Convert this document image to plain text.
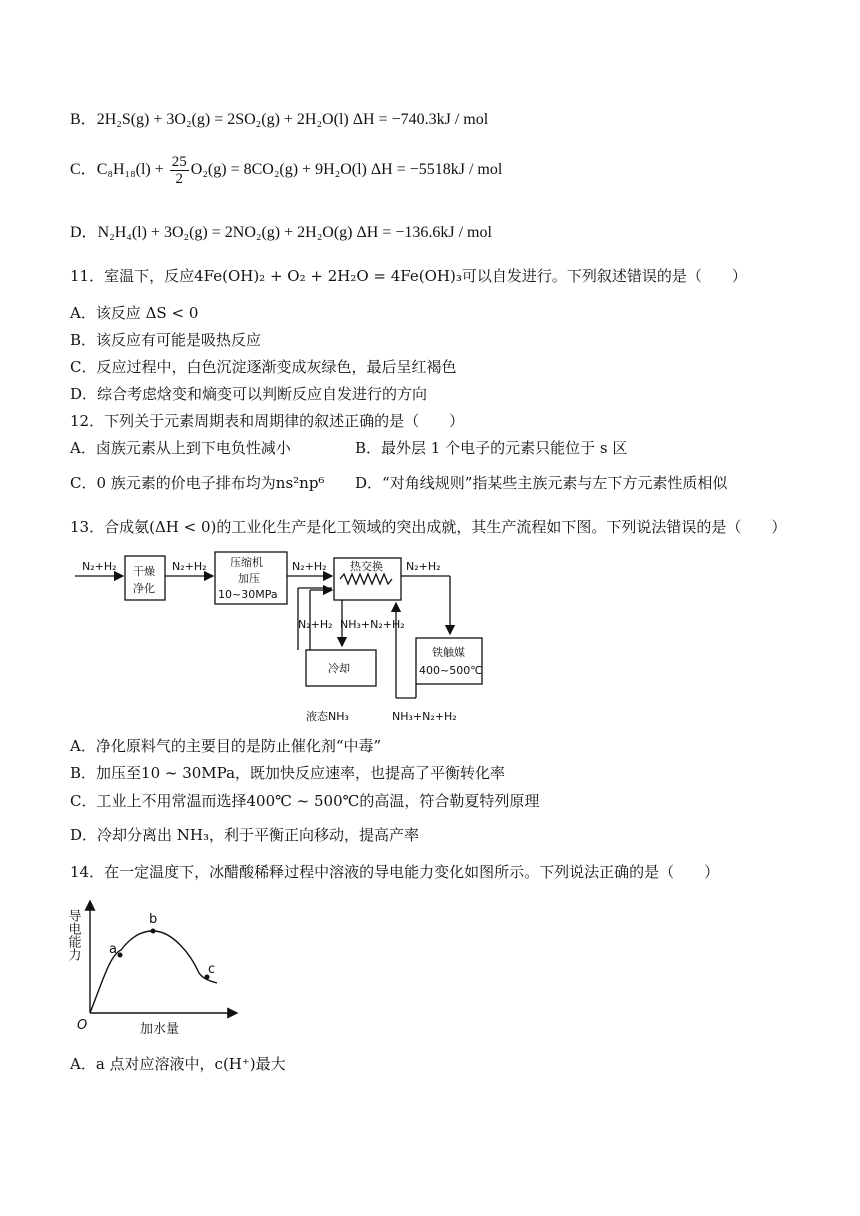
B．2H₂S(g) + 3O₂(g) = 2SO₂(g) + 2H₂O(l) ΔH = −740.3kJ / mol
C．$C_8H_{18}(l) + \frac{25}{2} O_2(g) = 8CO_2(g) + 9H_2O(l) \Delta H = -5518kJ$ / mol
D．N₂H₄(l) + 3O₂(g) = 2NO₂(g) + 2H₂O(g) ΔH = −136.6kJ / mol
11．室温下，反应4Fe(OH)₂ + O₂ + 2H₂O = 4Fe(OH)₃可以自发进行。下列叙述错误的是（　　）
A．该反应 ΔS < 0
B．该反应有可能是吸热反应
C．反应过程中，白色沉淀逐渐变成灰绿色，最后呈红褐色
D．综合考虑焓变和熵变可以判断反应自发进行的方向
12．下列关于元素周期表和周期律的叙述正确的是（　　）
A．卤族元素从上到下电负性减小	B．最外层 1 个电子的元素只能位于 s 区
C．0 族元素的价电子排布均为ns²np⁶ D．“对角线规则”指某些主族元素与左下方元素性质相似
13．合成氨(ΔH < 0)的工业化生产是化工领域的突出成就，其生产流程如下图。下列说法错误的是（　　）
N₂+H₂ 干燥
净化
N₂+H₂ 压缩机
加压
10~30MPa
N₂+H₂ 热交换 N₂+H₂
N₂+H₂ NH₃+N₂+H₂
铁触媒
400~500℃
冷却
液态NH₃	NH₃+N₂+H₂
A．净化原料气的主要目的是防止催化剂“中毒”
B．加压至10 ~ 30MPa，既加快反应速率，也提高了平衡转化率
C．工业上不用常温而选择400℃ ~ 500℃的高温，符合勒夏特列原理
D．冷却分离出 NH₃，利于平衡正向移动，提高产率
14．在一定温度下，冰醋酸稀释过程中溶液的导电能力变化如图所示。下列说法正确的是（　　）
a
b
c
O	加水量
导电能力
A．a 点对应溶液中，c(H⁺)最大
